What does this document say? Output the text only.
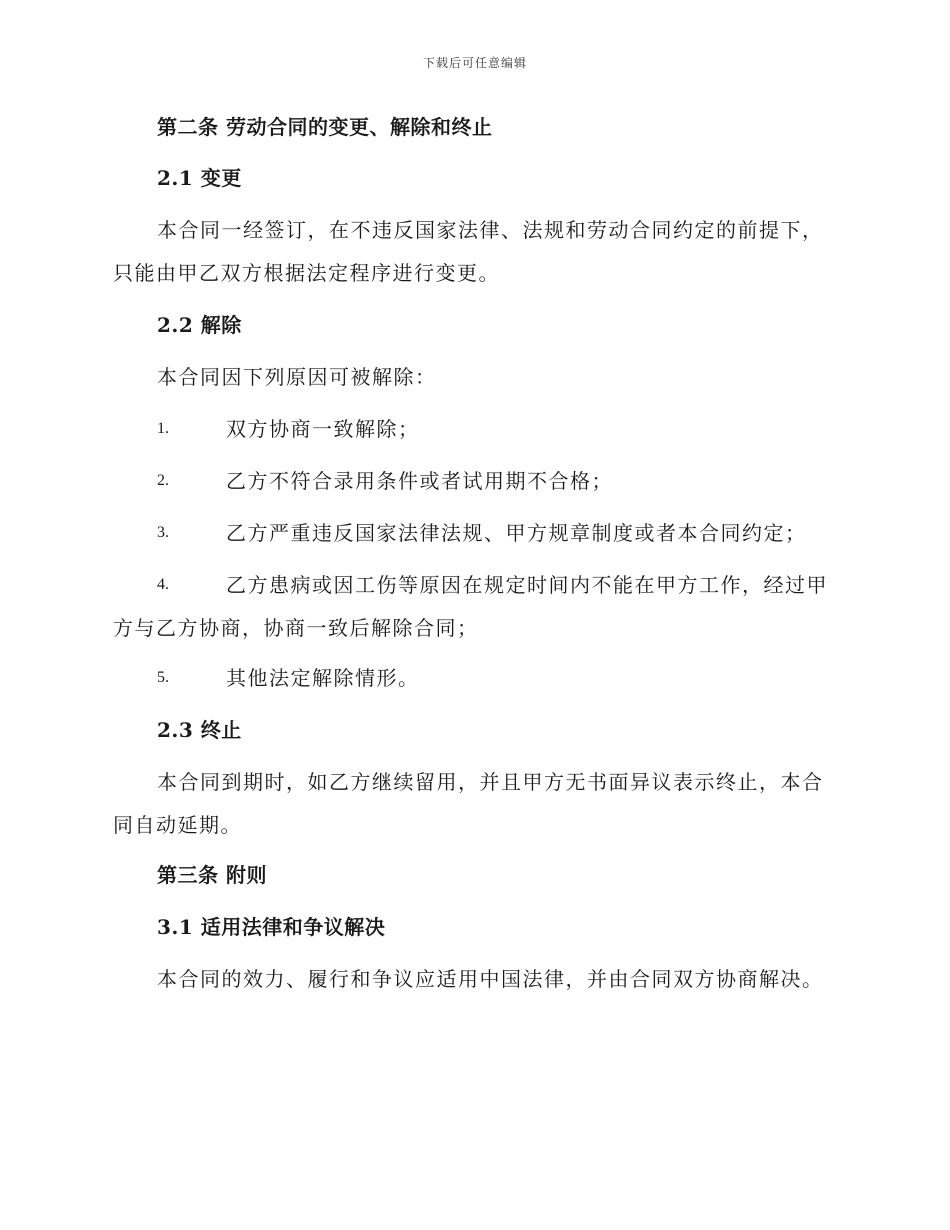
下载后可任意编辑
第二条 劳动合同的变更、解除和终止
2.1 变更
本合同一经签订，在不违反国家法律、法规和劳动合同约定的前提下，
只能由甲乙双方根据法定程序进行变更。
2.2 解除
本合同因下列原因可被解除：
1.	双方协商一致解除；
2.	乙方不符合录用条件或者试用期不合格；
3.	乙方严重违反国家法律法规、甲方规章制度或者本合同约定；
4.	乙方患病或因工伤等原因在规定时间内不能在甲方工作，经过甲
方与乙方协商，协商一致后解除合同；
5.	其他法定解除情形。
2.3 终止
本合同到期时，如乙方继续留用，并且甲方无书面异议表示终止，本合
同自动延期。
第三条 附则
3.1 适用法律和争议解决
本合同的效力、履行和争议应适用中国法律，并由合同双方协商解决。
